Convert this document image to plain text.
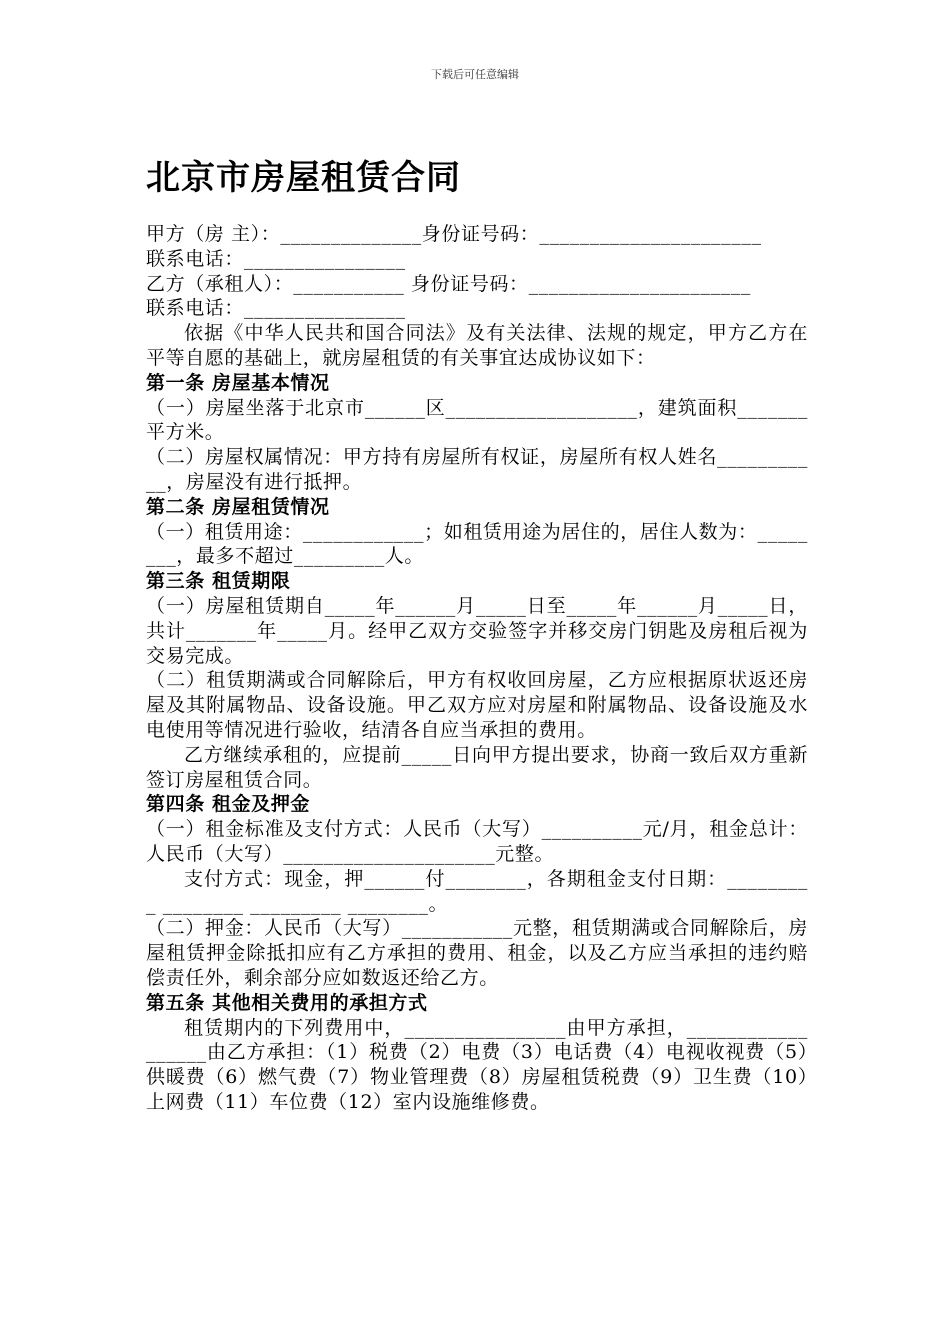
下载后可任意编辑
北京市房屋租赁合同

甲方（房 主）：______________身份证号码：______________________

联系电话：________________

乙方（承租人）：___________ 身份证号码：______________________

联系电话：________________

依据《中华人民共和国合同法》及有关法律、法规的规定，甲方乙方在平等自愿的基础上，就房屋租赁的有关事宜达成协议如下：

第一条 房屋基本情况

（一）房屋坐落于北京市______区___________________，建筑面积_______平方米。

（二）房屋权属情况：甲方持有房屋所有权证，房屋所有权人姓名___________，房屋没有进行抵押。

第二条 房屋租赁情况

（一）租赁用途：____________；如租赁用途为居住的，居住人数为：________，最多不超过_________人。

第三条 租赁期限

（一）房屋租赁期自_____年______月_____日至_____年______月_____日，共计_______年_____月。经甲乙双方交验签字并移交房门钥匙及房租后视为交易完成。

（二）租赁期满或合同解除后，甲方有权收回房屋，乙方应根据原状返还房屋及其附属物品、设备设施。甲乙双方应对房屋和附属物品、设备设施及水电使用等情况进行验收，结清各自应当承担的费用。

乙方继续承租的，应提前_____日向甲方提出要求，协商一致后双方重新签订房屋租赁合同。

第四条 租金及押金

（一）租金标准及支付方式：人民币（大写）__________元/月，租金总计：人民币（大写）_____________________元整。

支付方式：现金，押______付________，各期租金支付日期：_________ ________ _________ ________。

（二）押金：人民币（大写）___________元整，租赁期满或合同解除后，房屋租赁押金除抵扣应有乙方承担的费用、租金，以及乙方应当承担的违约赔偿责任外，剩余部分应如数返还给乙方。

第五条 其他相关费用的承担方式

租赁期内的下列费用中，________________由甲方承担，__________________由乙方承担：（1）税费（2）电费（3）电话费（4）电视收视费（5）供暖费（6）燃气费（7）物业管理费（8）房屋租赁税费（9）卫生费（10）上网费（11）车位费（12）室内设施维修费。
